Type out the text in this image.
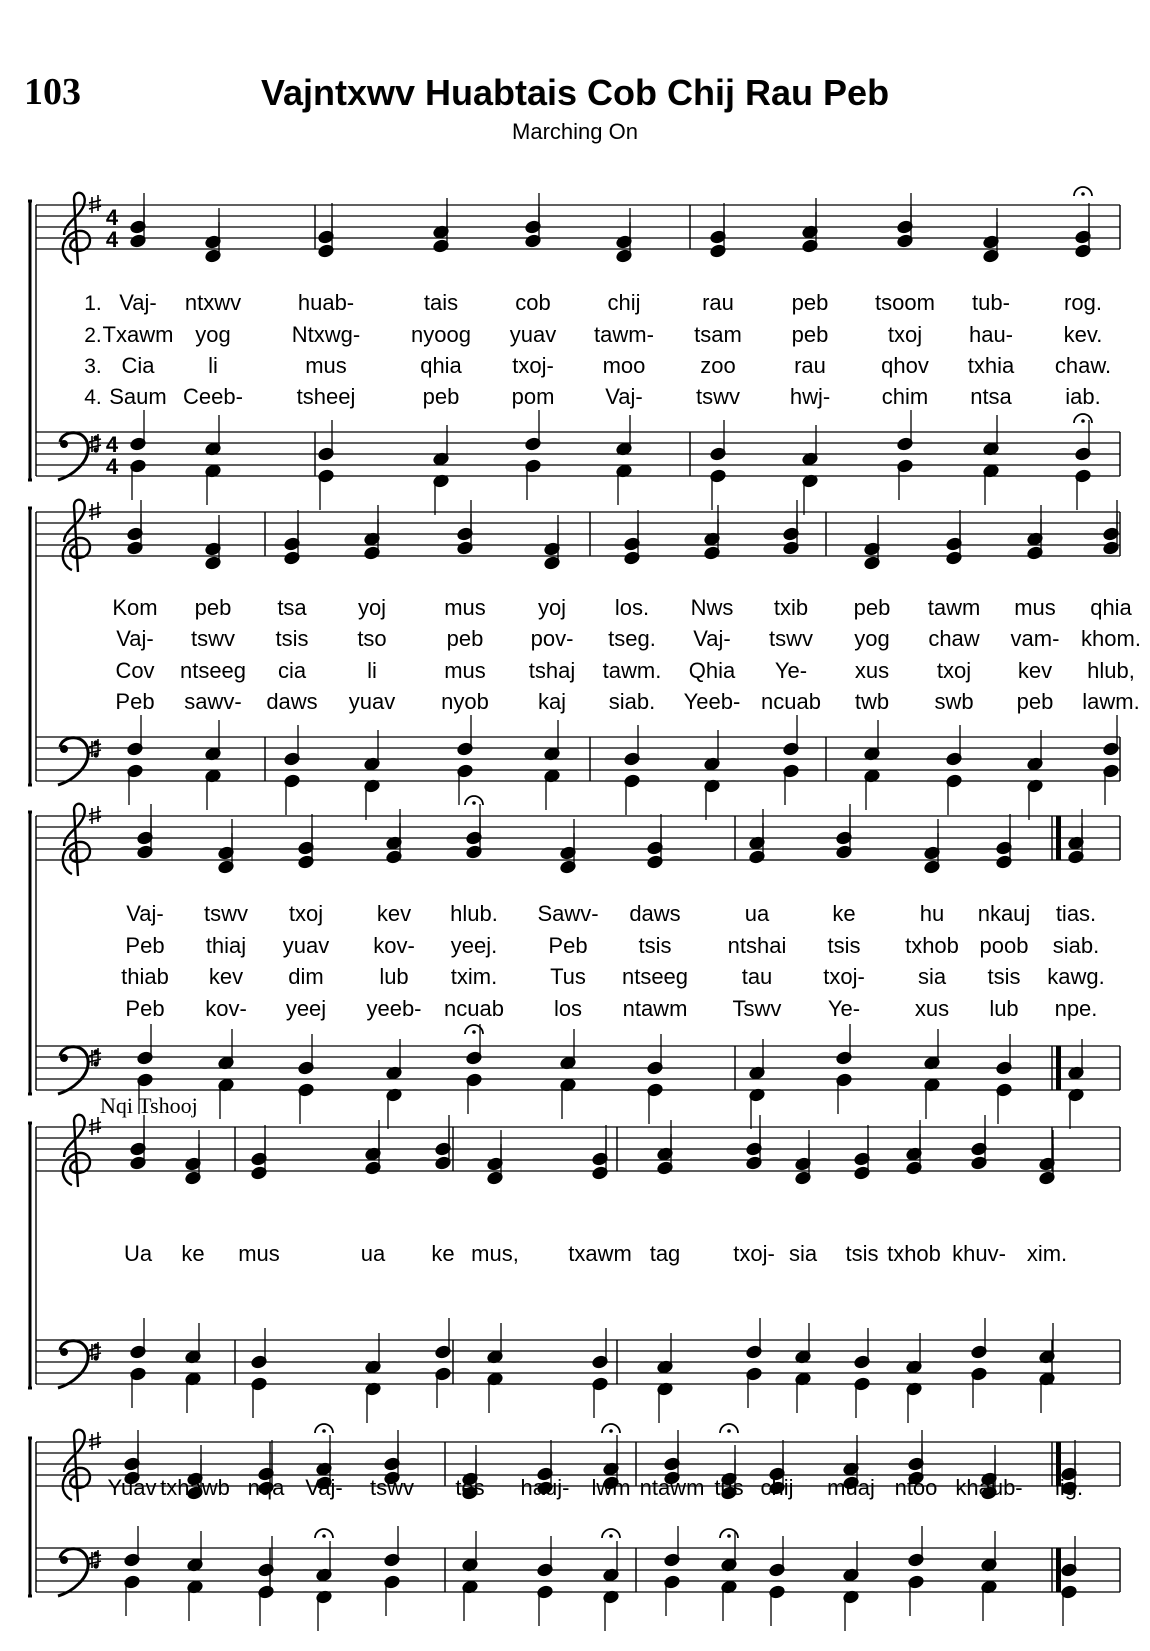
103	Vajntxwv Huabtais Cob Chij Rau Peb
Marching On
4
4
4
4
1.
2.
3.
4.
Vaj- ntxwv	huab-	tais	cob	chij	rau	peb tsoom tub- rog.
Txawm yog	Ntxwg- nyoog yuav tawm- tsam peb	txoj hau- kev.
Cia li	mus	qhia txoj- moo zoo	rau	qhov txhia chaw.
Saum Ceeb- tsheej	peb pom Vaj- tswv hwj- chim ntsa iab.
Kom peb tsa yoj	mus yoj los. Nws txib peb tawm mus qhia
Vaj- tswv tsis tso	peb pov- tseg. Vaj- tswv yog chaw vam- khom.
Cov ntseeg cia	li	mus tshaj tawm. Qhia Ye- xus txoj kev hlub,
Peb sawv- daws yuav nyob kaj siab. Yeeb- ncuab twb swb peb lawm.
Vaj- tswv txoj kev hlub. Sawv- daws	ua	ke	hu nkauj tias.
Peb thiaj yuav kov- yeej. Peb tsis	ntshai tsis txhob poob siab.
thiab kev dim	lub txim. Tus ntseeg tau txoj- sia tsis kawg.
Peb kov- yeej yeeb- ncuab los ntawm Tswv Ye- xus lub npe.
Ua ke mus	ua ke mus, txawm tag txoj- sia tsis txhob khuv- xim.
Nqi Tshooj
Yuav txhawb nqa Vaj- tswv tes hauj- lwm ntawm tus chij muaj ntoo khaub- lig.
